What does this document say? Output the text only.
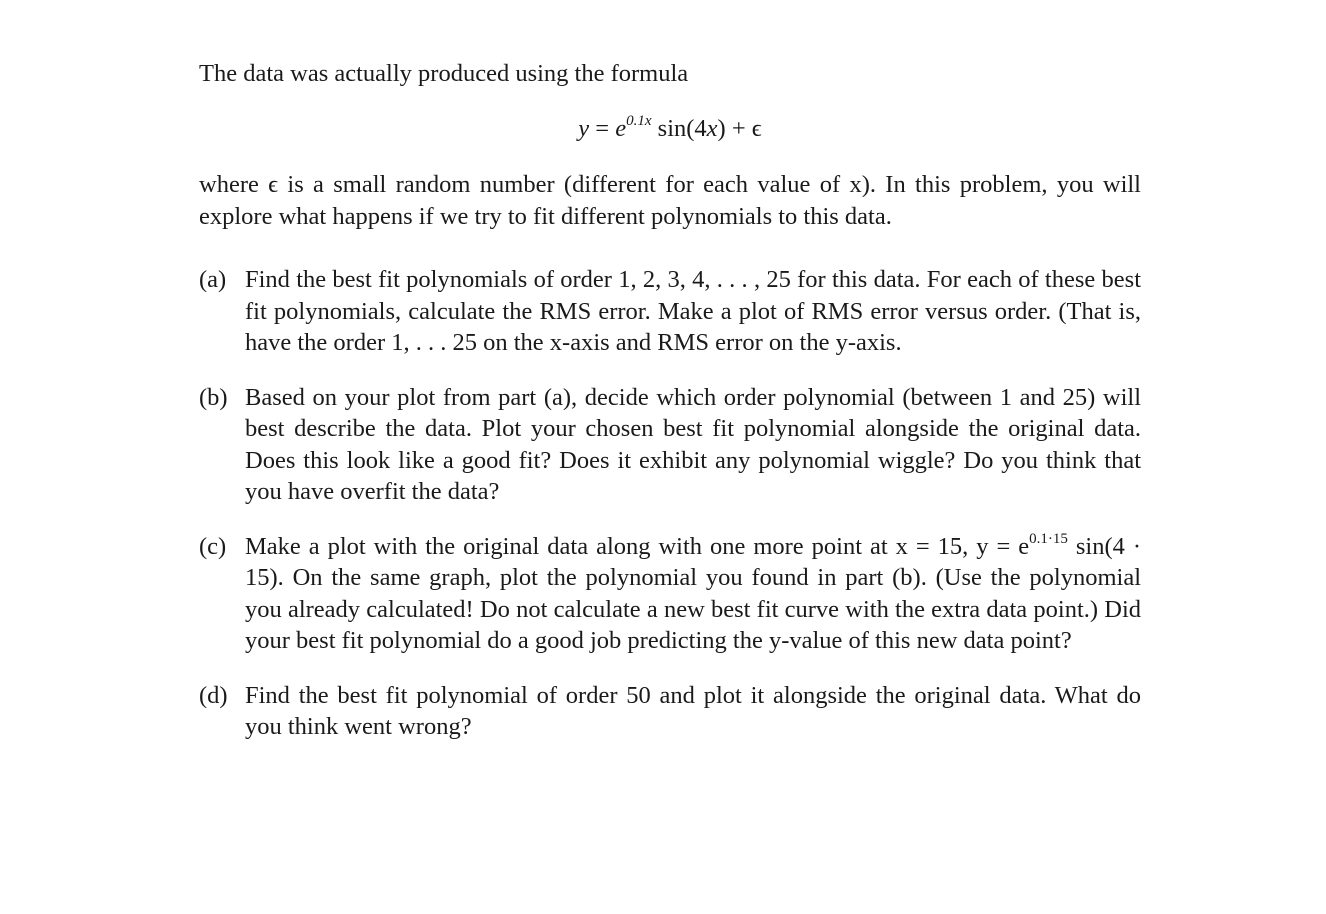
The data was actually produced using the formula

$y = e^{0.1x}$ sin(4x) + ϵ

where ϵ is a small random number (different for each value of x). In this problem, you will explore what happens if we try to fit different polynomials to this data.

(a) Find the best fit polynomials of order 1, 2, 3, 4, . . . , 25 for this data. For each of these best fit polynomials, calculate the RMS error. Make a plot of RMS error versus order. (That is, have the order 1, . . . 25 on the x-axis and RMS error on the y-axis.
(b) Based on your plot from part (a), decide which order polynomial (between 1 and 25) will best describe the data. Plot your chosen best fit polynomial alongside the original data. Does this look like a good fit? Does it exhibit any polynomial wiggle? Do you think that you have overfit the data?
(c) Make a plot with the original data along with one more point at x = 15, $y = e^{0.1\cdot 15}$ sin(4 · 15). On the same graph, plot the polynomial you found in part (b). (Use the polynomial you already calculated! Do not calculate a new best fit curve with the extra data point.) Did your best fit polynomial do a good job predicting the y-value of this new data point?
(d) Find the best fit polynomial of order 50 and plot it alongside the original data. What do you think went wrong?
